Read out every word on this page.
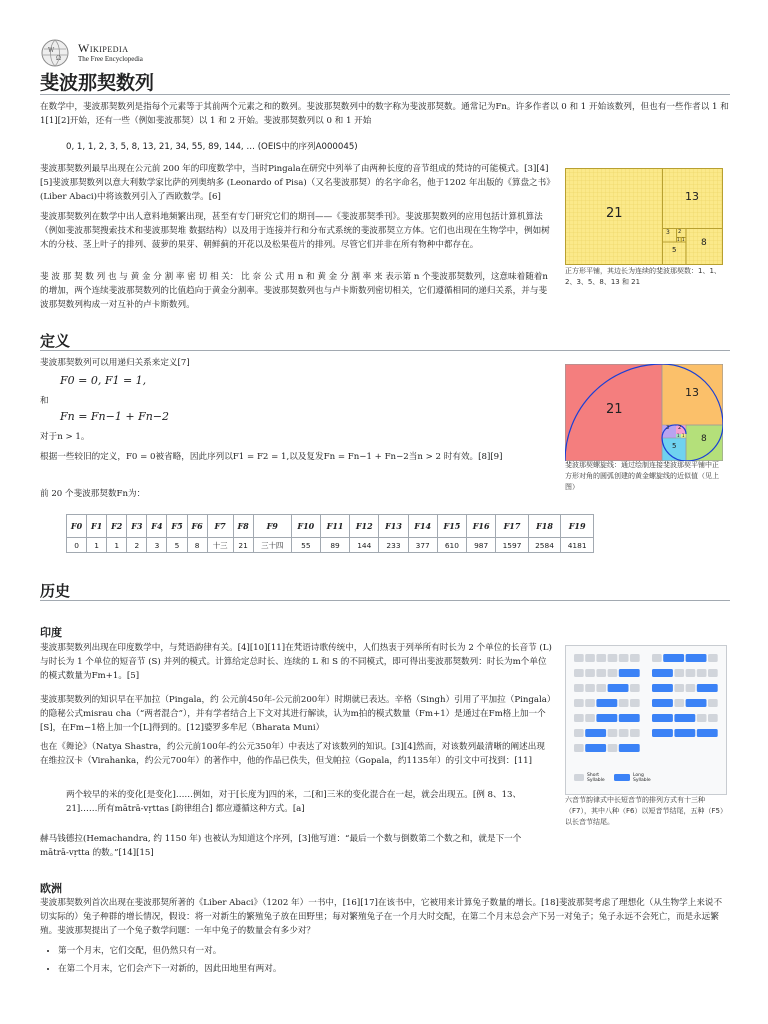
W
Ω
Wikipedia
The Free Encyclopedia
斐波那契数列

在数学中，斐波那契数列是指每个元素等于其前两个元素之和的数列。斐波那契数列中的数字称为斐波那契数。通常记为Fn。许多作者以 0 和 1 开始该数列，但也有一些作者以 1 和 1[1][2]开始，还有一些（例如斐波那契）以 1 和 2 开始。斐波那契数列以 0 和 1 开始

0, 1, 1, 2, 3, 5, 8, 13, 21, 34, 55, 89, 144, … (OEIS中的序列A000045)

斐波那契数列最早出现在公元前 200 年的印度数学中，当时Pingala在研究中列举了由两种长度的音节组成的梵诗的可能模式。[3][4][5]斐波那契数列以意大利数学家比萨的列奥纳多 (Leonardo of Pisa)（又名斐波那契）的名字命名，他于1202 年出版的《算盘之书》(Liber Abaci)中将该数列引入了西欧数学。[6]

斐波那契数列在数学中出人意料地频繁出现，甚至有专门研究它们的期刊——《斐波那契季刊》。斐波那契数列的应用包括计算机算法（例如斐波那契搜索技术和斐波那契堆 数据结构）以及用于连接并行和分布式系统的斐波那契立方体。它们也出现在生物学中，例如树木的分枝、茎上叶子的排列、菠萝的果芽、朝鲜蓟的开花以及松果苞片的排列。尽管它们并非在所有物种中都存在。

斐 波 那 契 数 列 也 与 黄 金 分 割 率 密 切 相 关： 比 奈 公 式 用 n 和 黄 金 分 割 率 来 表示第 n 个斐波那契数列，这意味着随着n的增加，两个连续斐波那契数列的比值趋向于黄金分割率。斐波那契数列也与卢卡斯数列密切相关，它们遵循相同的递归关系，并与斐波那契数列构成一对互补的卢卡斯数列。

21
13
8
5
3 2
1 1
正方形平铺，其边长为连续的斐波那契数：1、1、2、3、5、8、13 和 21
定义

斐波那契数列可以用递归关系来定义[7]

F0 = 0, F1 = 1,

和

Fn = Fn−1 + Fn−2

对于n > 1。

根据一些较旧的定义，F0 = 0被省略，因此序列以F1 = F2 = 1,以及复发Fn = Fn−1 + Fn−2当n > 2 时有效。[8][9]

前 20 个斐波那契数Fn为：

21
13
8
5
3 2
1 1
斐波那契螺旋线：通过绘制连接斐波那契平铺中正方形对角的圆弧创建的黄金螺旋线的近似值（见上图）
F0	F1	F2	F3	F4	F5	F6	F7	F8	F9	F10	F11	F12	F13	F14	F15	F16	F17	F18	F19
0	1	1	2	3	5	8	十三	21	三十四	55	89	144	233	377	610	987	1597	2584	4181
历史
印度

斐波那契数列出现在印度数学中，与梵语韵律有关。[4][10][11]在梵语诗歌传统中，人们热衷于列举所有时长为 2 个单位的长音节 (L) 与时长为 1 个单位的短音节 (S) 并列的模式。计算给定总时长、连续的 L 和 S 的不同模式，即可得出斐波那契数列：时长为m个单位的模式数量为Fm+1。[5]

斐波那契数列的知识早在平加拉（Pingala，约 公元前450年-公元前200年）时期就已表达。辛格（Singh）引用了平加拉（Pingala）的隐秘公式misrau cha（“两者混合”），并有学者结合上下文对其进行解读，认为m拍的模式数量（Fm+1）是通过在Fm格上加一个[S]，在Fm−1格上加一个[L]得到的。[12]婆罗多牟尼（Bharata Muni）

也在《舞论》（Natya Shastra，约公元前100年-约公元350年）中表达了对该数列的知识。[3][4]然而，对该数列最清晰的阐述出现在维拉汉卡（Virahanka，约公元700年）的著作中，他的作品已佚失，但戈帕拉（Gopala，约1135年）的引文中可找到：[11]

两个较早的米的变化[是变化]……例如，对于[长度为]四的米，二[和]三米的变化混合在一起，就会出现五。[例 8、13、21]……所有mātrā-vṛttas [韵律组合] 都应遵循这种方式。[a]

赫马钱德拉(Hemachandra, 约 1150 年) 也被认为知道这个序列，[3]他写道：“最后一个数与倒数第二个数之和，就是下一个 mātrā-vṛtta 的数。”[14][15]

欧洲

斐波那契数列首次出现在斐波那契所著的《Liber Abaci》（1202 年）一书中，[16][17]在该书中，它被用来计算兔子数量的增长。[18]斐波那契考虑了理想化（从生物学上来说不切实际的）兔子种群的增长情况，假设：将一对新生的繁殖兔子放在田野里；每对繁殖兔子在一个月大时交配，在第二个月末总会产下另一对兔子；兔子永远不会死亡，而是永远繁殖。斐波那契提出了一个兔子数学问题：一年中兔子的数量会有多少对？

• 第一个月末，它们交配，但仍然只有一对。
• 在第二个月末，它们会产下一对新的，因此田地里有两对。
Short Syllable
Long Syllable
六音节韵律式中长短音节的排列方式有十三种（F7），其中八种（F6）以短音节结尾，五种（F5）以长音节结尾。
